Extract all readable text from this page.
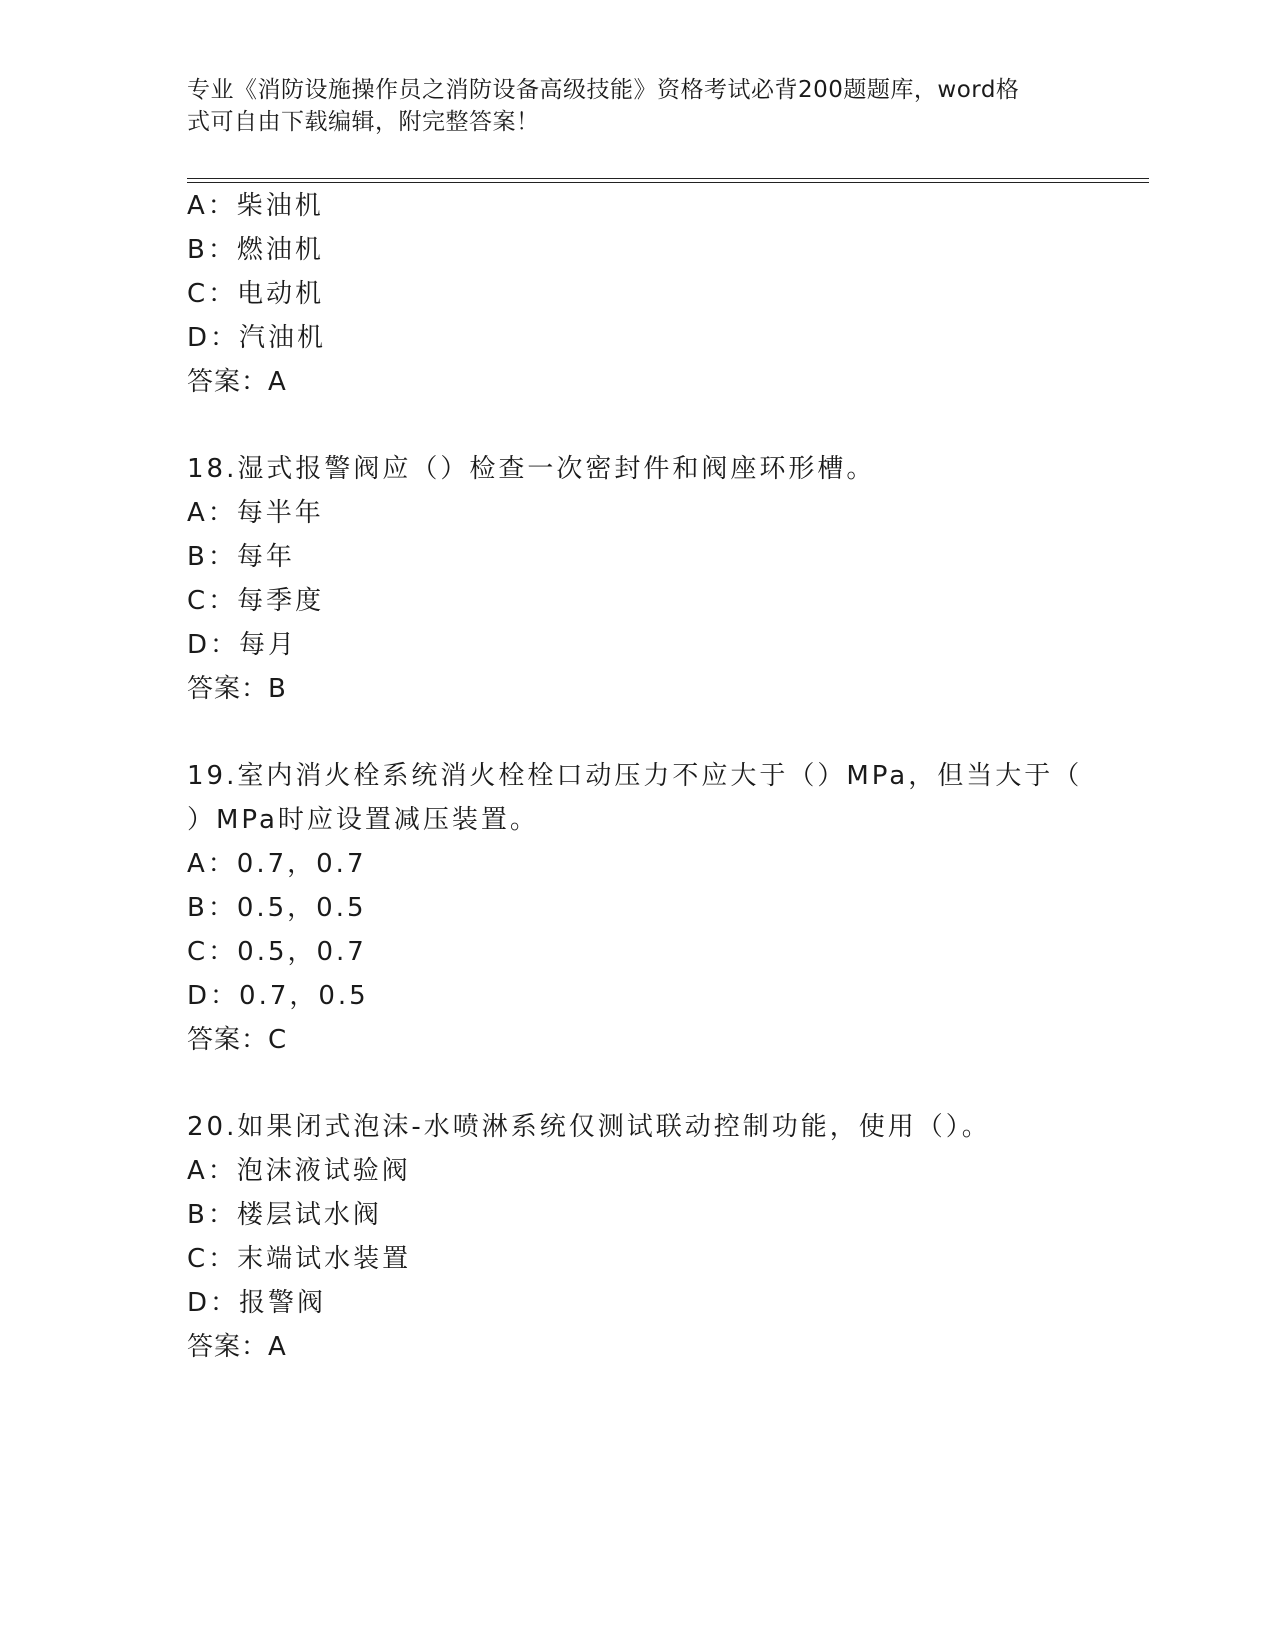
专业《消防设施操作员之消防设备高级技能》资格考试必背200题题库，word格
式可自由下载编辑，附完整答案！
A：柴油机
B：燃油机
C：电动机
D：汽油机
答案：A
18.湿式报警阀应（）检查一次密封件和阀座环形槽。
A：每半年
B：每年
C：每季度
D：每月
答案：B
19.室内消火栓系统消火栓栓口动压力不应大于（）MPa，但当大于（
）MPa时应设置减压装置。
A：0.7，0.7
B：0.5，0.5
C：0.5，0.7
D：0.7，0.5
答案：C
20.如果闭式泡沫-水喷淋系统仅测试联动控制功能，使用（）。
A：泡沫液试验阀
B：楼层试水阀
C：末端试水装置
D：报警阀
答案：A
